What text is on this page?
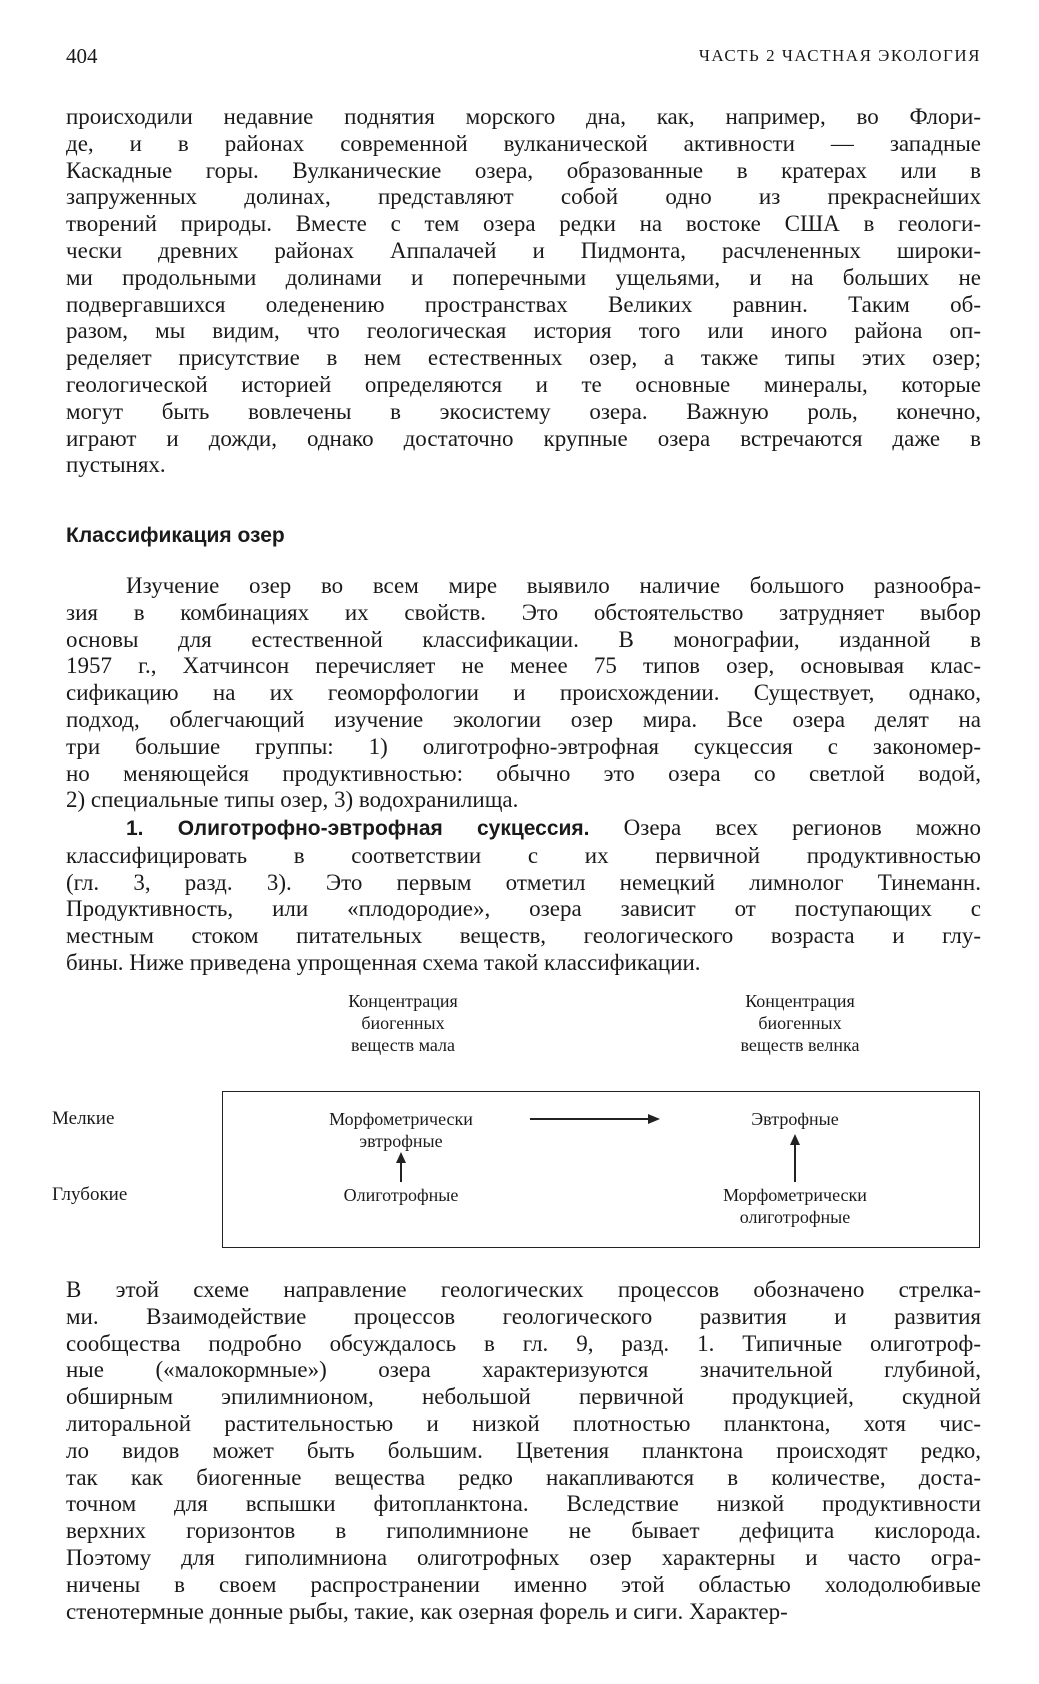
404	ЧАСТЬ 2 ЧАСТНАЯ ЭКОЛОГИЯ
происходили недавние поднятия морского дна, как, например, во Флори-
де, и в районах современной вулканической активности — западные
Каскадные горы. Вулканические озера, образованные в кратерах или в
запруженных долинах, представляют собой одно из прекраснейших
творений природы. Вместе с тем озера редки на востоке США в геологи-
чески древних районах Аппалачей и Пидмонта, расчлененных широки-
ми продольными долинами и поперечными ущельями, и на больших не
подвергавшихся оледенению пространствах Великих равнин. Таким об-
разом, мы видим, что геологическая история того или иного района оп-
ределяет присутствие в нем естественных озер, а также типы этих озер;
геологической историей определяются и те основные минералы, которые
могут быть вовлечены в экосистему озера. Важную роль, конечно,
играют и дожди, однако достаточно крупные озера встречаются даже в
пустынях.
Классификация озер
Изучение озер во всем мире выявило наличие большого разнообра-
зия в комбинациях их свойств. Это обстоятельство затрудняет выбор
основы для естественной классификации. В монографии, изданной в
1957 г., Хатчинсон перечисляет не менее 75 типов озер, основывая клас-
сификацию на их геоморфологии и происхождении. Существует, однако,
подход, облегчающий изучение экологии озер мира. Все озера делят на
три большие группы: 1) олиготрофно-эвтрофная сукцессия с закономер-
но меняющейся продуктивностью: обычно это озера со светлой водой,
2) специальные типы озер, 3) водохранилища.
1. Олиготрофно-эвтрофная сукцессия. Озера всех регионов можно
классифицировать в соответствии с их первичной продуктивностью
(гл. 3, разд. 3). Это первым отметил немецкий лимнолог Тинеманн.
Продуктивность, или «плодородие», озера зависит от поступающих с
местным стоком питательных веществ, геологического возраста и глу-
бины. Ниже приведена упрощенная схема такой классификации.
Концентрация
биогенных
веществ мала
Концентрация
биогенных
веществ велнка
Мелкие
Глубокие
Морфометрически
эвтрофные
Эвтрофные
Олиготрофные	Морфометрически
олиготрофные
В этой схеме направление геологических процессов обозначено стрелка-
ми. Взаимодействие процессов геологического развития и развития
сообщества подробно обсуждалось в гл. 9, разд. 1. Типичные олиготроф-
ные («малокормные») озера характеризуются значительной глубиной,
обширным эпилимнионом, небольшой первичной продукцией, скудной
литоральной растительностью и низкой плотностью планктона, хотя чис-
ло видов может быть большим. Цветения планктона происходят редко,
так как биогенные вещества редко накапливаются в количестве, доста-
точном для вспышки фитопланктона. Вследствие низкой продуктивности
верхних горизонтов в гиполимнионе не бывает дефицита кислорода.
Поэтому для гиполимниона олиготрофных озер характерны и часто огра-
ничены в своем распространении именно этой областью холодолюбивые
стенотермные донные рыбы, такие, как озерная форель и сиги. Характер-
